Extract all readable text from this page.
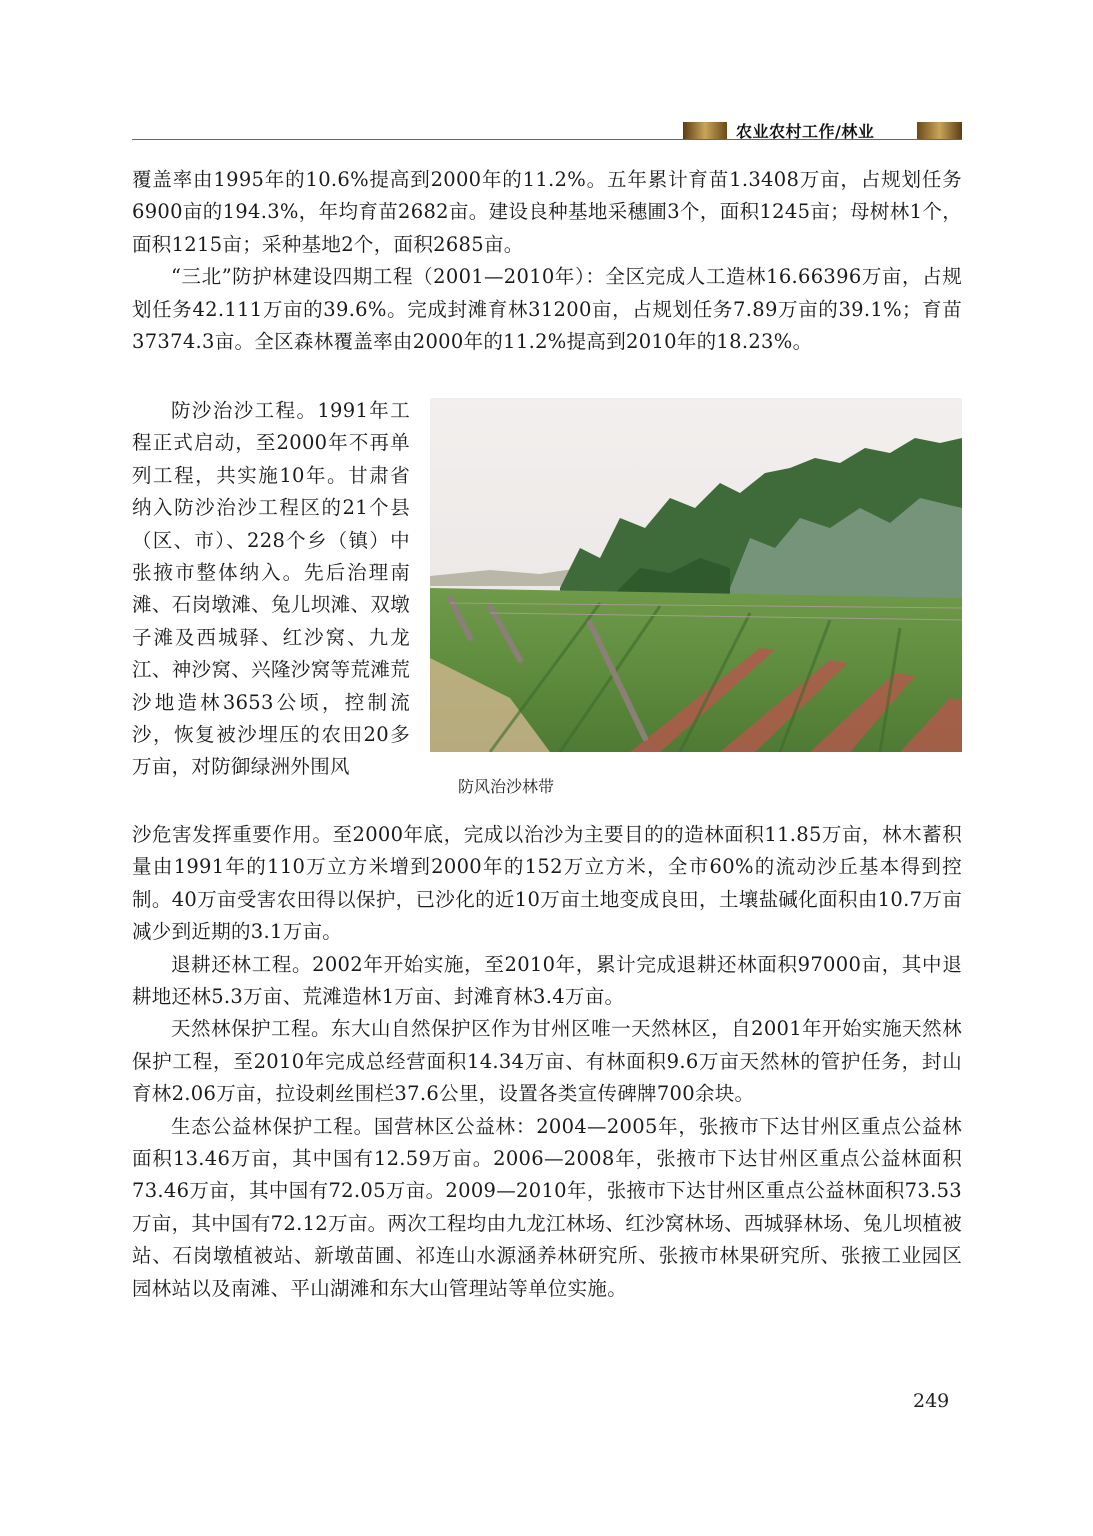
农业农村工作/林业

覆盖率由1995年的10.6%提高到2000年的11.2%。五年累计育苗1.3408万亩，占规划任务6900亩的194.3%，年均育苗2682亩。建设良种基地采穗圃3个，面积1245亩；母树林1个，面积1215亩；采种基地2个，面积2685亩。

“三北”防护林建设四期工程（2001—2010年）：全区完成人工造林16.66396万亩，占规划任务42.111万亩的39.6%。完成封滩育林31200亩，占规划任务7.89万亩的39.1%；育苗37374.3亩。全区森林覆盖率由2000年的11.2%提高到2010年的18.23%。

防沙治沙工程。1991年工程正式启动，至2000年不再单列工程，共实施10年。甘肃省纳入防沙治沙工程区的21个县（区、市）、228个乡（镇）中张掖市整体纳入。先后治理南滩、石岗墩滩、兔儿坝滩、双墩子滩及西城驿、红沙窝、九龙江、神沙窝、兴隆沙窝等荒滩荒沙地造林3653公顷，控制流沙，恢复被沙埋压的农田20多万亩，对防御绿洲外围风

防风治沙林带

沙危害发挥重要作用。至2000年底，完成以治沙为主要目的的造林面积11.85万亩，林木蓄积量由1991年的110万立方米增到2000年的152万立方米，全市60%的流动沙丘基本得到控制。40万亩受害农田得以保护，已沙化的近10万亩土地变成良田，土壤盐碱化面积由10.7万亩减少到近期的3.1万亩。

退耕还林工程。2002年开始实施，至2010年，累计完成退耕还林面积97000亩，其中退耕地还林5.3万亩、荒滩造林1万亩、封滩育林3.4万亩。

天然林保护工程。东大山自然保护区作为甘州区唯一天然林区，自2001年开始实施天然林保护工程，至2010年完成总经营面积14.34万亩、有林面积9.6万亩天然林的管护任务，封山育林2.06万亩，拉设刺丝围栏37.6公里，设置各类宣传碑牌700余块。

生态公益林保护工程。国营林区公益林：2004—2005年，张掖市下达甘州区重点公益林面积13.46万亩，其中国有12.59万亩。2006—2008年，张掖市下达甘州区重点公益林面积73.46万亩，其中国有72.05万亩。2009—2010年，张掖市下达甘州区重点公益林面积73.53万亩，其中国有72.12万亩。两次工程均由九龙江林场、红沙窝林场、西城驿林场、兔儿坝植被站、石岗墩植被站、新墩苗圃、祁连山水源涵养林研究所、张掖市林果研究所、张掖工业园区园林站以及南滩、平山湖滩和东大山管理站等单位实施。

249
